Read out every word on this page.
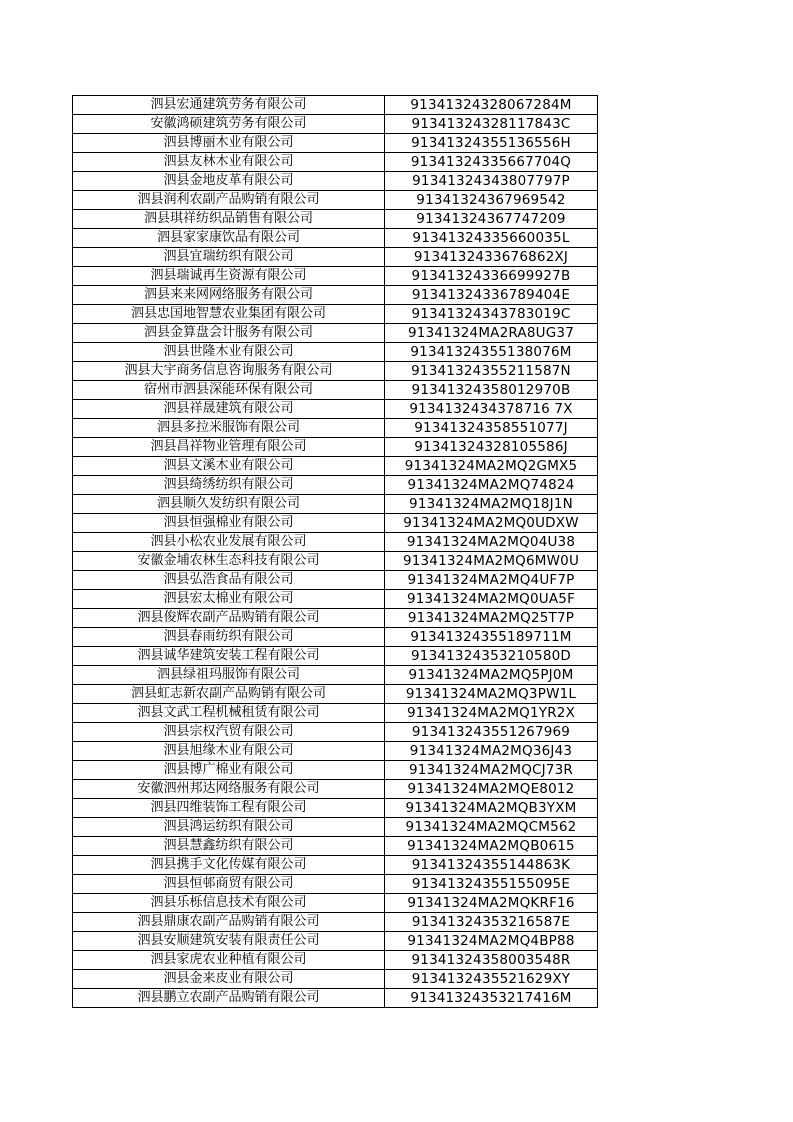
泗县宏通建筑劳务有限公司	91341324328067284M
安徽鸿硕建筑劳务有限公司	91341324328117843C
泗县博丽木业有限公司	91341324355136556H
泗县友林木业有限公司	91341324335667704Q
泗县金地皮革有限公司	91341324343807797P
泗县润利农副产品购销有限公司	91341324367969542
泗县琪祥纺织品销售有限公司	91341324367747209
泗县家家康饮品有限公司	91341324335660035L
泗县宜瑞纺织有限公司	9134132433676862XJ
泗县瑞诚再生资源有限公司	91341324336699927B
泗县来来网网络服务有限公司	91341324336789404E
泗县忠国地智慧农业集团有限公司	91341324343783019C
泗县金算盘会计服务有限公司	91341324MA2RA8UG37
泗县世隆木业有限公司	91341324355138076M
泗县大宇商务信息咨询服务有限公司	91341324355211587N
宿州市泗县深能环保有限公司	91341324358012970B
泗县祥晟建筑有限公司	9134132434378716 7X
泗县多拉米服饰有限公司	91341324358551077J
泗县昌祥物业管理有限公司	91341324328105586J
泗县文溪木业有限公司	91341324MA2MQ2GMX5
泗县绮绣纺织有限公司	91341324MA2MQ74824
泗县顺久发纺织有限公司	91341324MA2MQ18J1N
泗县恒强棉业有限公司	91341324MA2MQ0UDXW
泗县小松农业发展有限公司	91341324MA2MQ04U38
安徽金埔农林生态科技有限公司	91341324MA2MQ6MW0U
泗县弘浩食品有限公司	91341324MA2MQ4UF7P
泗县宏太棉业有限公司	91341324MA2MQ0UA5F
泗县俊辉农副产品购销有限公司	91341324MA2MQ25T7P
泗县春雨纺织有限公司	91341324355189711M
泗县诚华建筑安装工程有限公司	91341324353210580D
泗县绿祖玛服饰有限公司	91341324MA2MQ5PJ0M
泗县虹志新农副产品购销有限公司	91341324MA2MQ3PW1L
泗县文武工程机械租赁有限公司	91341324MA2MQ1YR2X
泗县宗权汽贸有限公司	913413243551267969
泗县旭缘木业有限公司	91341324MA2MQ36J43
泗县博广棉业有限公司	91341324MA2MQCJ73R
安徽泗州邦达网络服务有限公司	91341324MA2MQE8012
泗县四维装饰工程有限公司	91341324MA2MQB3YXM
泗县鸿运纺织有限公司	91341324MA2MQCM562
泗县慧鑫纺织有限公司	91341324MA2MQB0615
泗县携手文化传媒有限公司	91341324355144863K
泗县恒邨商贸有限公司	91341324355155095E
泗县乐栎信息技术有限公司	91341324MA2MQKRF16
泗县鼎康农副产品购销有限公司	91341324353216587E
泗县安顺建筑安装有限责任公司	91341324MA2MQ4BP88
泗县家虎农业种植有限公司	91341324358003548R
泗县金来皮业有限公司	9134132435521629XY
泗县鹏立农副产品购销有限公司	91341324353217416M
